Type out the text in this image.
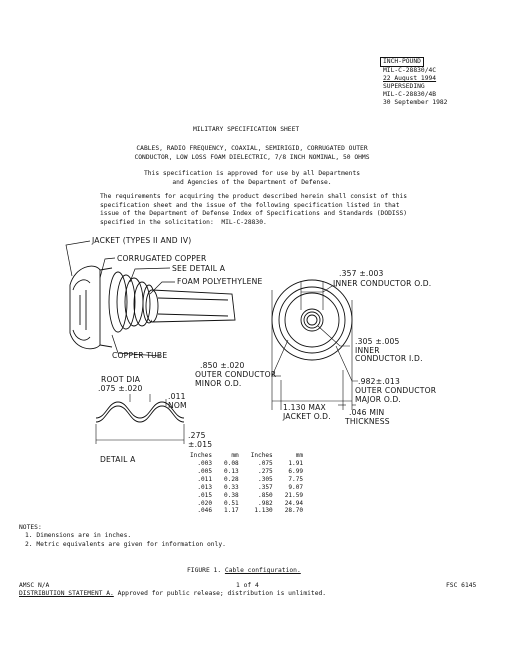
INCH-POUND
MIL-C-28830/4C
22 August 1994
SUPERSEDING
MIL-C-28830/4B
30 September 1982
MILITARY SPECIFICATION SHEET
CABLES, RADIO FREQUENCY, COAXIAL, SEMIRIGID, CORRUGATED OUTER
CONDUCTOR, LOW LOSS FOAM DIELECTRIC, 7/8 INCH NOMINAL, 50 OHMS
This specification is approved for use by all Departments
and Agencies of the Department of Defense.
The requirements for acquiring the product described herein shall consist of this
specification sheet and the issue of the following specification listed in that
issue of the Department of Defense Index of Specifications and Standards (DODISS)
specified in the solicitation:  MIL-C-28830.
JACKET (TYPES II AND IV)
CORRUGATED COPPER
SEE DETAIL A
FOAM POLYETHYLENE
COPPER TUBE
ROOT DIA
.075 ±.020
.011
NOM
.275
±.015
DETAIL A
.357 ±.003
INNER CONDUCTOR O.D.
.305 ±.005
INNER
CONDUCTOR I.D.
.850 ±.020
OUTER CONDUCTOR
MINOR O.D.	.982±.013
OUTER CONDUCTOR
MAJOR O.D.
1.130 MAX
JACKET O.D. .046 MIN
THICKNESS
Inches	mm	Inches	mm
.003	0.08	.075	1.91
.005	0.13	.275	6.99
.011	0.28	.305	7.75
.013	0.33	.357	9.07
.015	0.38	.850	21.59
.020	0.51	.982	24.94
.046	1.17	1.130	28.70
NOTES:
1. Dimensions are in inches.
2. Metric equivalents are given for information only.
FIGURE 1. Cable configuration.
AMSC N/A	1 of 4	FSC 6145
DISTRIBUTION STATEMENT A. Approved for public release; distribution is unlimited.
